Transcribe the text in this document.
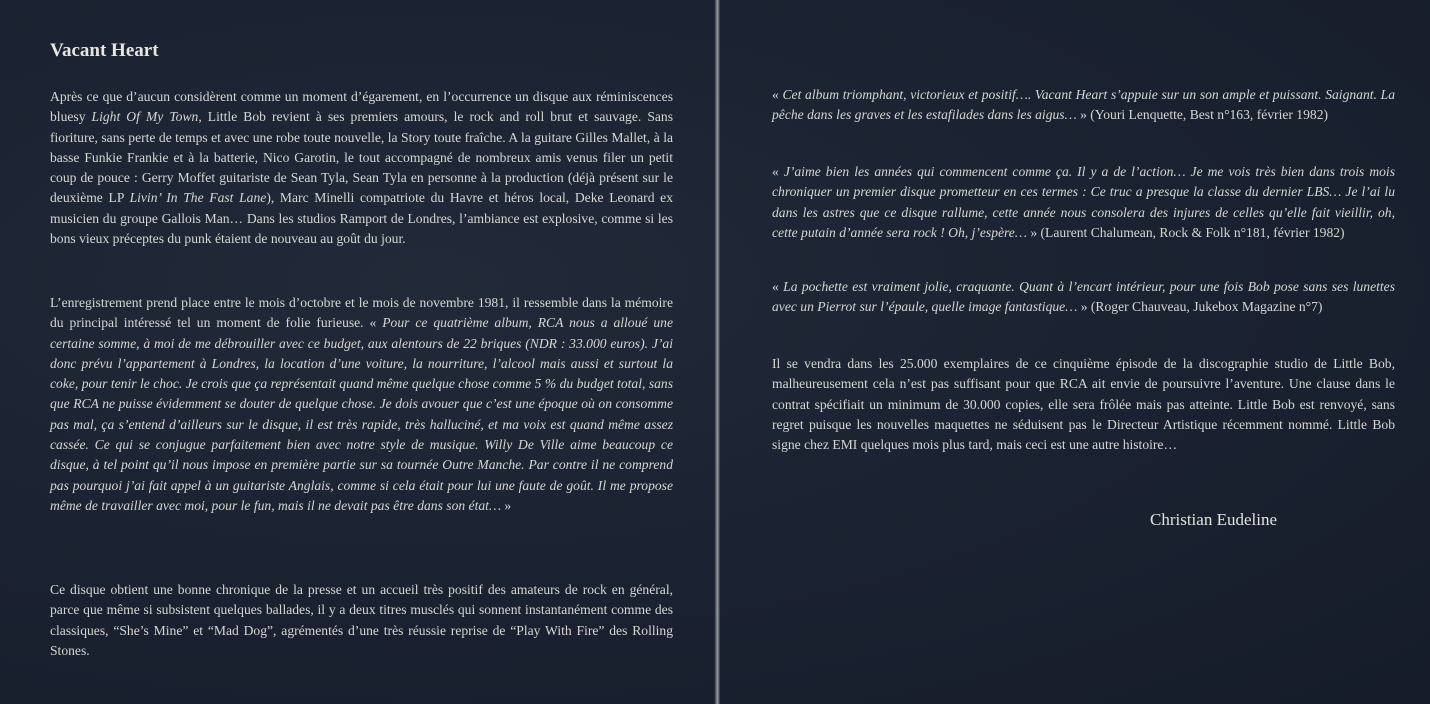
Vacant Heart

Après ce que d’aucun considèrent comme un moment d’égarement, en l’occurrence un disque aux réminiscences bluesy Light Of My Town, Little Bob revient à ses premiers amours, le rock and roll brut et sauvage. Sans fioriture, sans perte de temps et avec une robe toute nouvelle, la Story toute fraîche. A la guitare Gilles Mallet, à la basse Funkie Frankie et à la batterie, Nico Garotin, le tout accompagné de nombreux amis venus filer un petit coup de pouce : Gerry Moffet guitariste de Sean Tyla, Sean Tyla en personne à la production (déjà présent sur le deuxième LP Livin’ In The Fast Lane), Marc Minelli compatriote du Havre et héros local, Deke Leonard ex musicien du groupe Gallois Man… Dans les studios Ramport de Londres, l’ambiance est explosive, comme si les bons vieux préceptes du punk étaient de nouveau au goût du jour.

L’enregistrement prend place entre le mois d’octobre et le mois de novembre 1981, il ressemble dans la mémoire du principal intéressé tel un moment de folie furieuse. « Pour ce quatrième album, RCA nous a alloué une certaine somme, à moi de me débrouiller avec ce budget, aux alentours de 22 briques (NDR : 33.000 euros). J’ai donc prévu l’appartement à Londres, la location d’une voiture, la nourriture, l’alcool mais aussi et surtout la coke, pour tenir le choc. Je crois que ça représentait quand même quelque chose comme 5 % du budget total, sans que RCA ne puisse évidemment se douter de quelque chose. Je dois avouer que c’est une époque où on consomme pas mal, ça s’entend d’ailleurs sur le disque, il est très rapide, très halluciné, et ma voix est quand même assez cassée. Ce qui se conjugue parfaitement bien avec notre style de musique. Willy De Ville aime beaucoup ce disque, à tel point qu’il nous impose en première partie sur sa tournée Outre Manche. Par contre il ne comprend pas pourquoi j’ai fait appel à un guitariste Anglais, comme si cela était pour lui une faute de goût. Il me propose même de travailler avec moi, pour le fun, mais il ne devait pas être dans son état… »

Ce disque obtient une bonne chronique de la presse et un accueil très positif des amateurs de rock en général, parce que même si subsistent quelques ballades, il y a deux titres musclés qui sonnent instantanément comme des classiques, “She’s Mine” et “Mad Dog”, agrémentés d’une très réussie reprise de “Play With Fire” des Rolling Stones.

« Cet album triomphant, victorieux et positif…. Vacant Heart s’appuie sur un son ample et puissant. Saignant. La pêche dans les graves et les estafilades dans les aigus… » (Youri Lenquette, Best n°163, février 1982)

« J’aime bien les années qui commencent comme ça. Il y a de l’action… Je me vois très bien dans trois mois chroniquer un premier disque prometteur en ces termes : Ce truc a presque la classe du dernier LBS… Je l’ai lu dans les astres que ce disque rallume, cette année nous consolera des injures de celles qu’elle fait vieillir, oh, cette putain d’année sera rock ! Oh, j’espère… » (Laurent Chalumean, Rock & Folk n°181, février 1982)

« La pochette est vraiment jolie, craquante. Quant à l’encart intérieur, pour une fois Bob pose sans ses lunettes avec un Pierrot sur l’épaule, quelle image fantastique… » (Roger Chauveau, Jukebox Magazine n°7)

Il se vendra dans les 25.000 exemplaires de ce cinquième épisode de la discographie studio de Little Bob, malheureusement cela n’est pas suffisant pour que RCA ait envie de poursuivre l’aventure. Une clause dans le contrat spécifiait un minimum de 30.000 copies, elle sera frôlée mais pas atteinte. Little Bob est renvoyé, sans regret puisque les nouvelles maquettes ne séduisent pas le Directeur Artistique récemment nommé. Little Bob signe chez EMI quelques mois plus tard, mais ceci est une autre histoire…

Christian Eudeline
